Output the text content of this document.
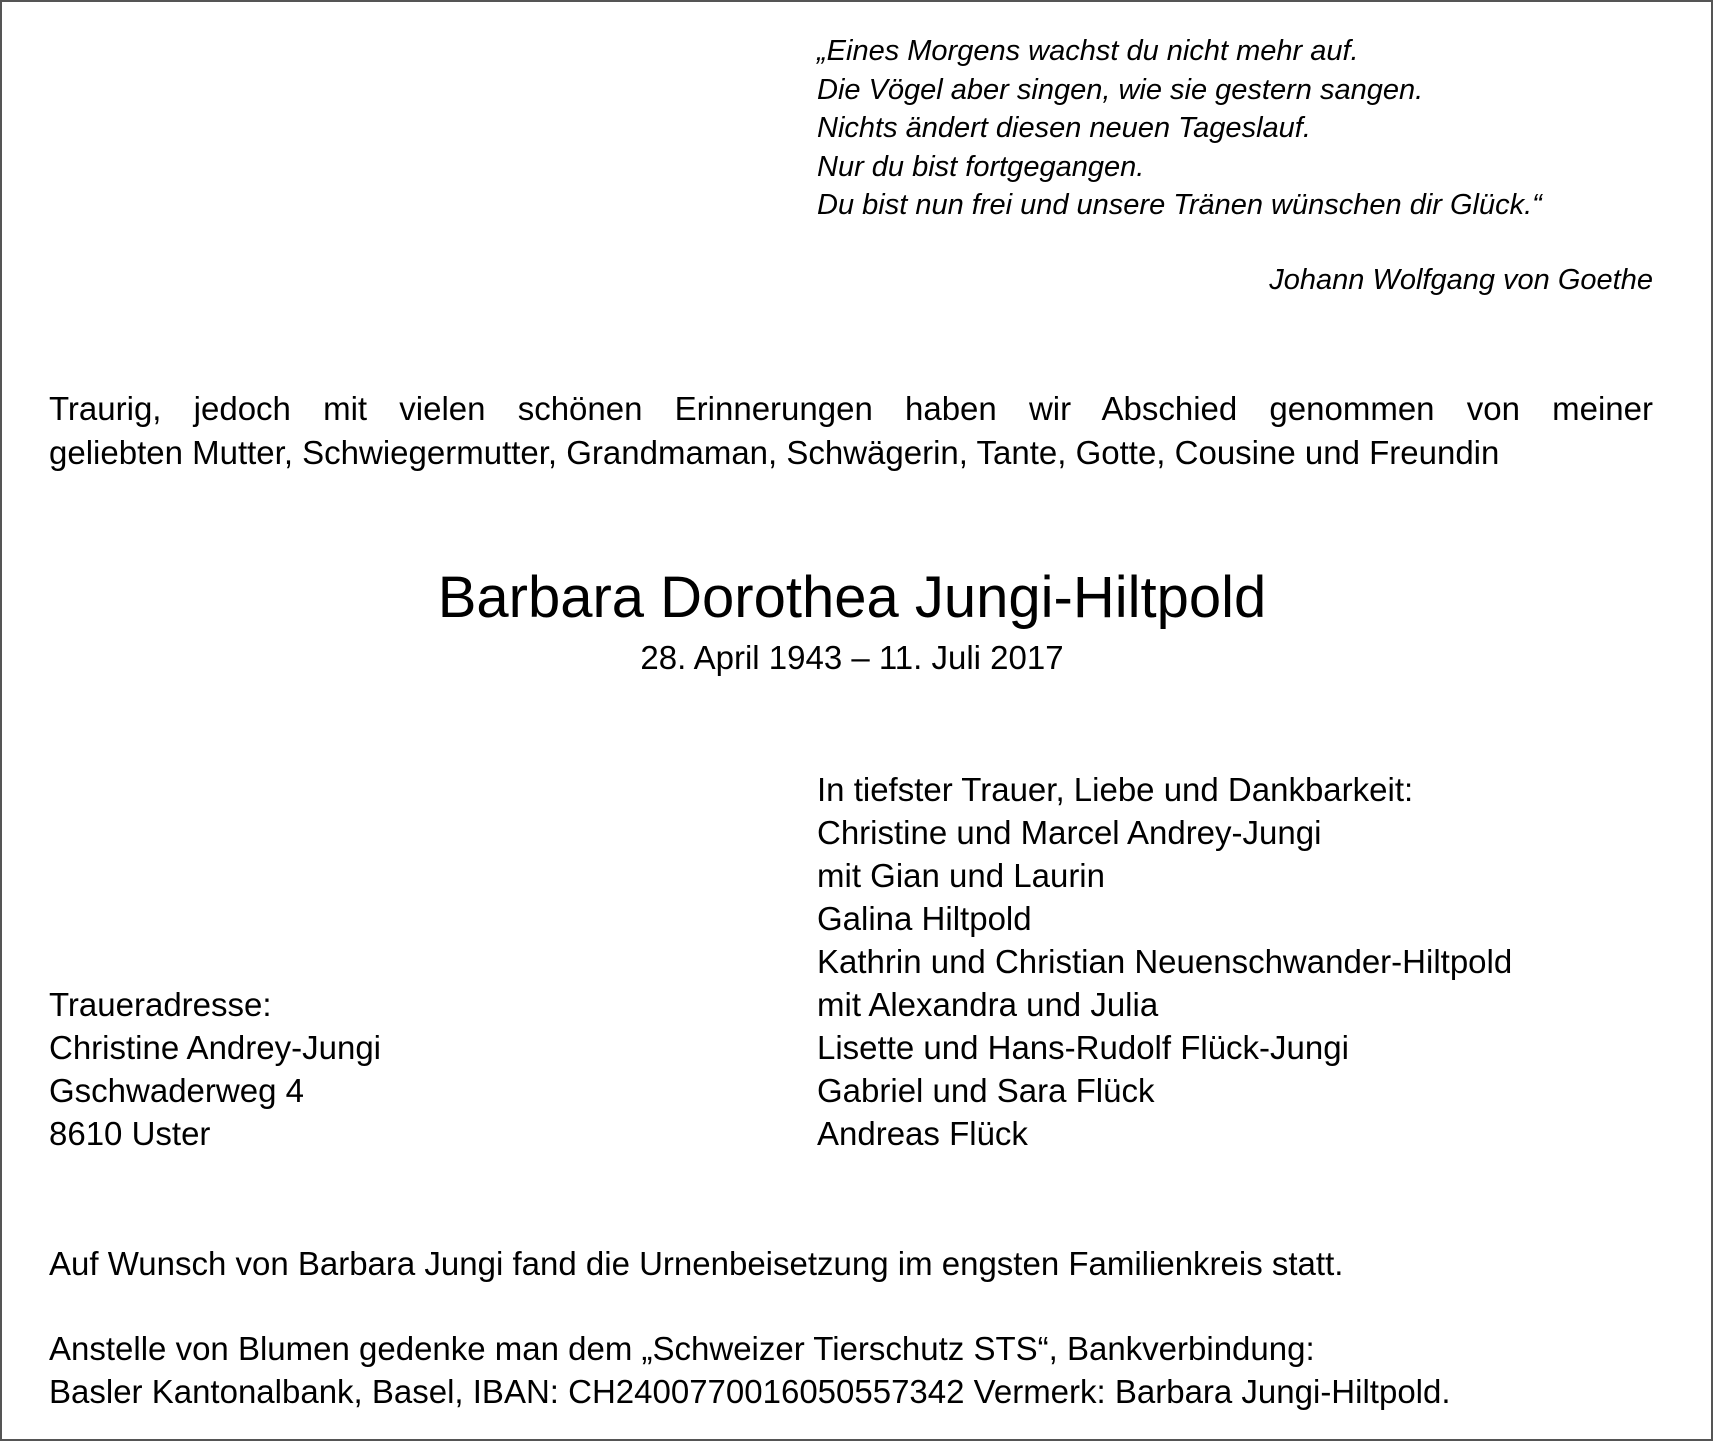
„Eines Morgens wachst du nicht mehr auf.
Die Vögel aber singen, wie sie gestern sangen.
Nichts ändert diesen neuen Tageslauf.
Nur du bist fortgegangen.
Du bist nun frei und unsere Tränen wünschen dir Glück.“
Johann Wolfgang von Goethe
Traurig, jedoch mit vielen schönen Erinnerungen haben wir Abschied genommen von meiner
geliebten Mutter, Schwiegermutter, Grandmaman, Schwägerin, Tante, Gotte, Cousine und Freundin
Barbara Dorothea Jungi-Hiltpold
28. April 1943 – 11. Juli 2017
In tiefster Trauer, Liebe und Dankbarkeit:
Christine und Marcel Andrey-Jungi
mit Gian und Laurin
Galina Hiltpold
Kathrin und Christian Neuenschwander-Hiltpold
mit Alexandra und Julia
Lisette und Hans-Rudolf Flück-Jungi
Gabriel und Sara Flück
Andreas Flück
Traueradresse:
Christine Andrey-Jungi
Gschwaderweg 4
8610 Uster
Auf Wunsch von Barbara Jungi fand die Urnenbeisetzung im engsten Familienkreis statt.
Anstelle von Blumen gedenke man dem „Schweizer Tierschutz STS“, Bankverbindung:
Basler Kantonalbank, Basel, IBAN: CH2400770016050557342 Vermerk: Barbara Jungi-Hiltpold.
